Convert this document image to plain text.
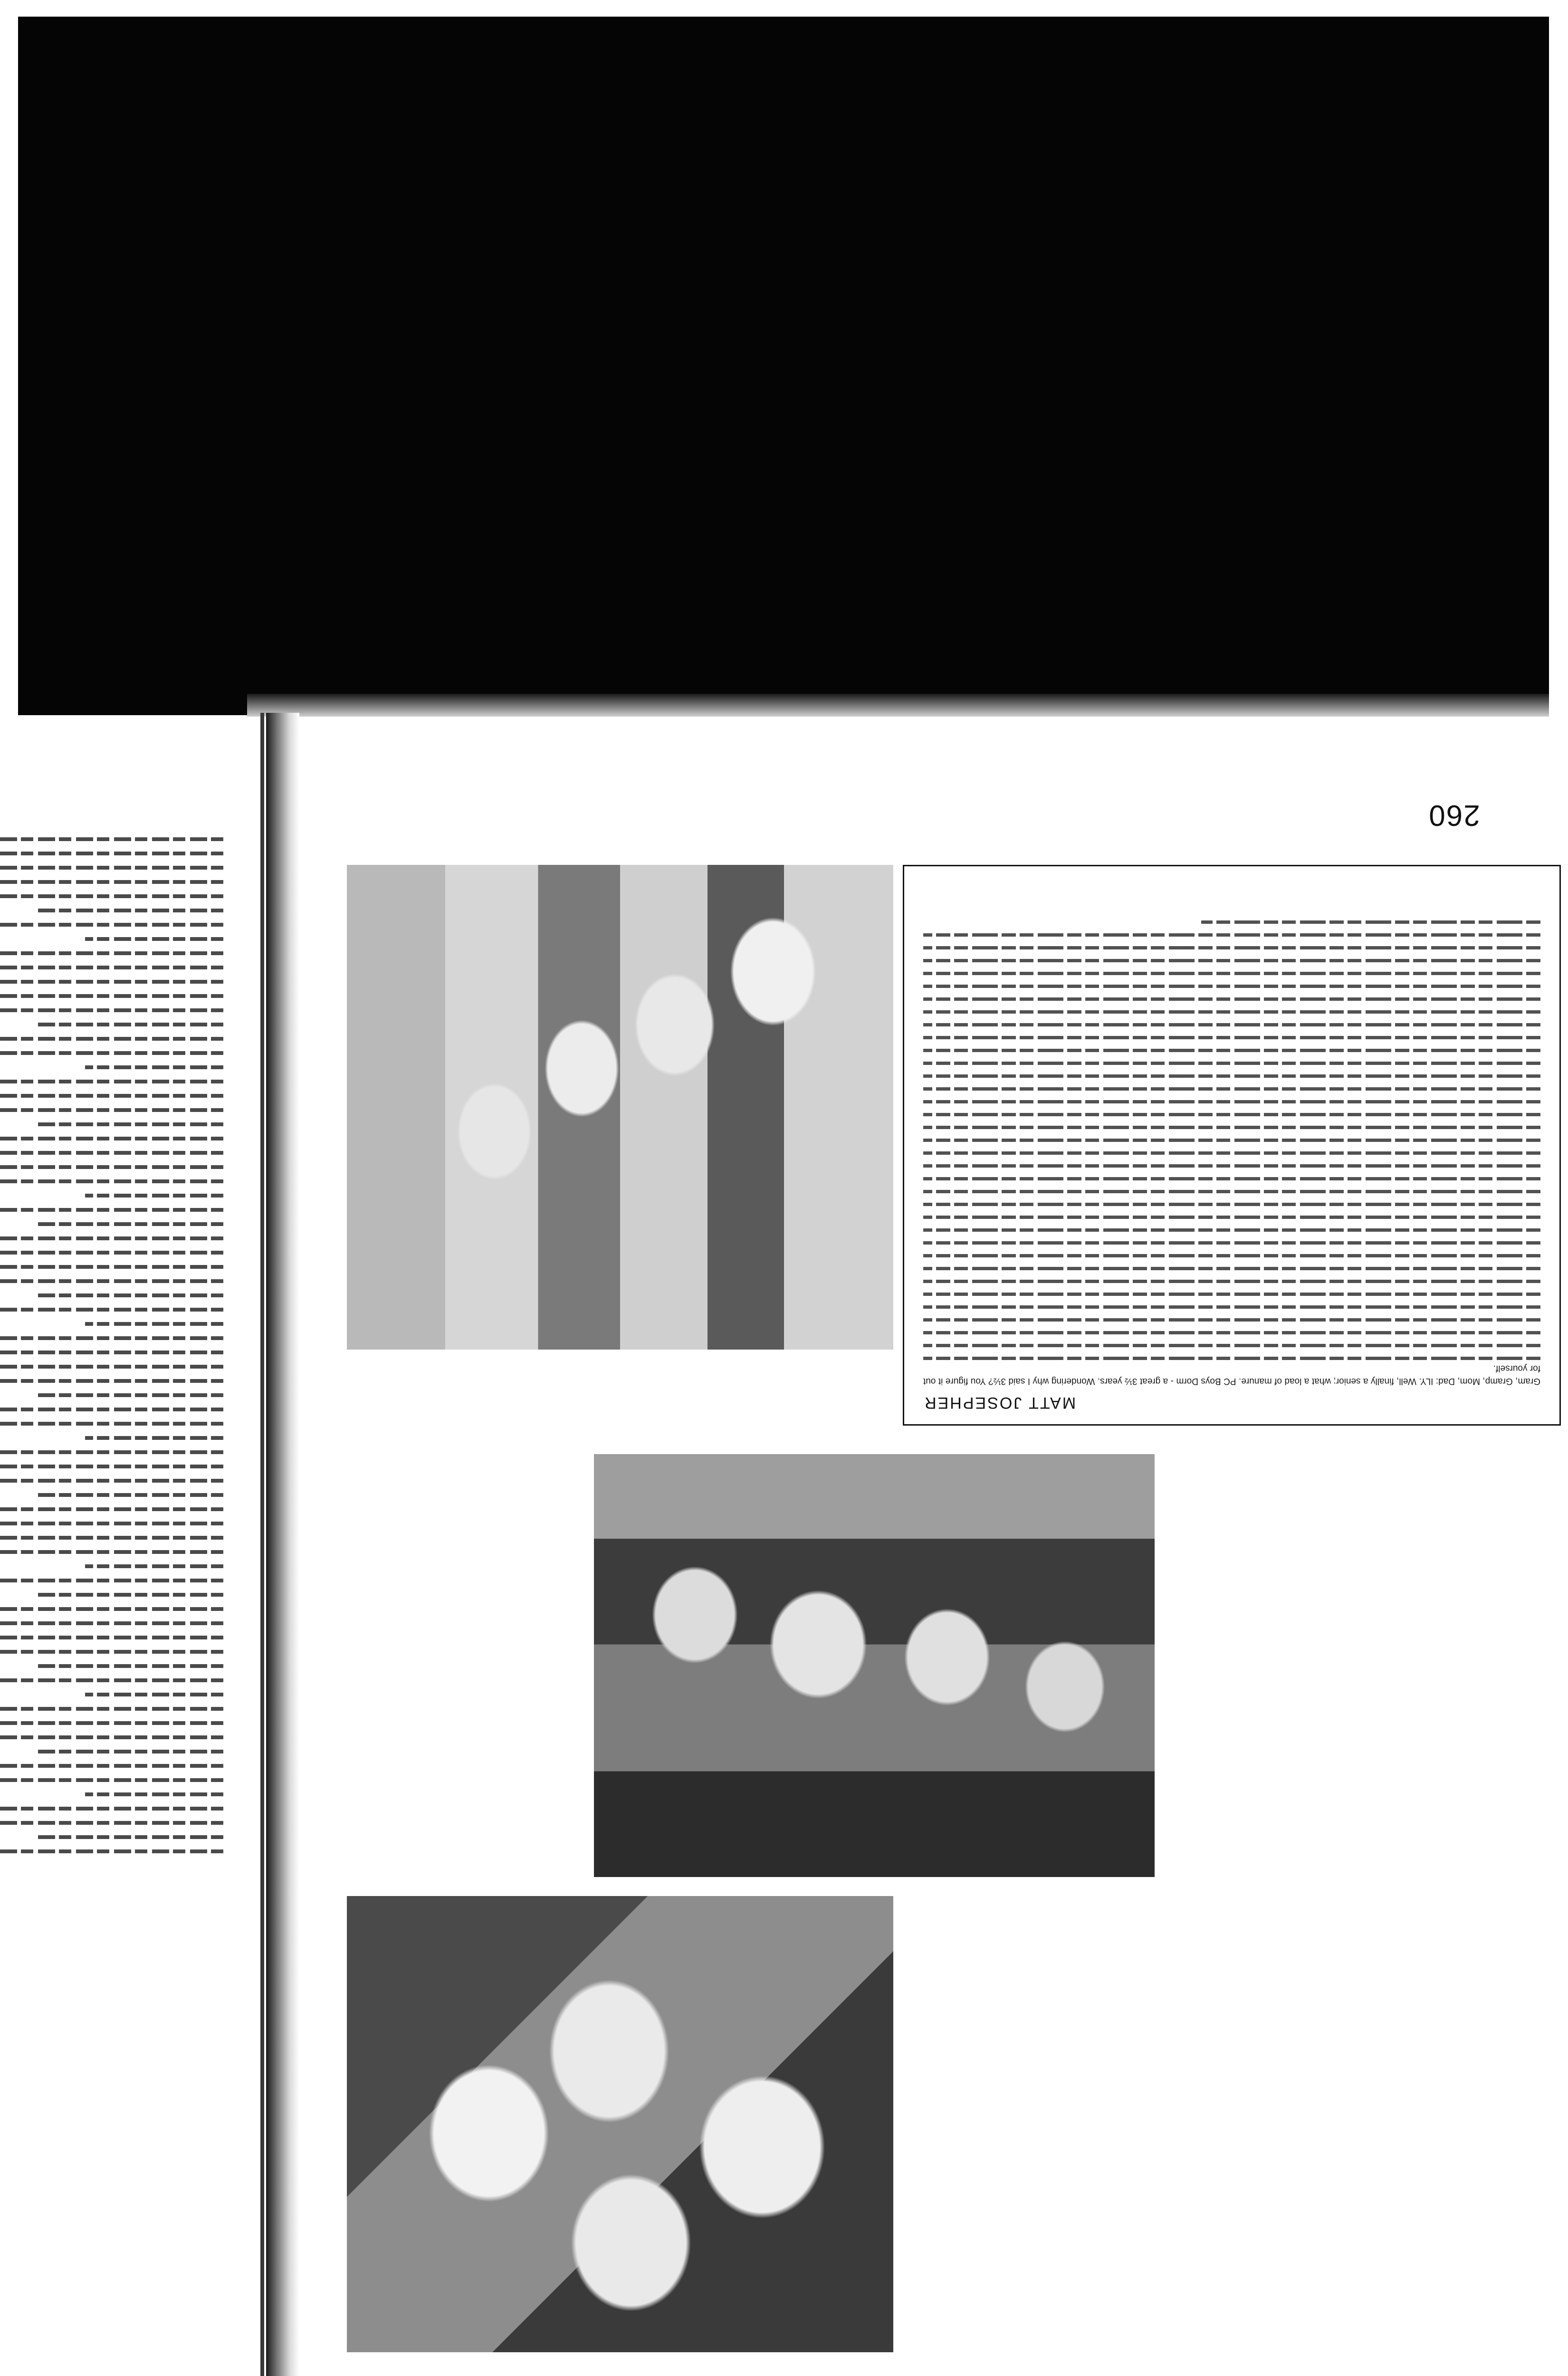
260
MATT JOSEPHER

Gram, Gramp, Mom, Dad: ILY. Well, finally a senior; what a load of manure. PC Boys Dorm - a great 3½ years. Wondering why I said 3½? You figure it out for yourself.
